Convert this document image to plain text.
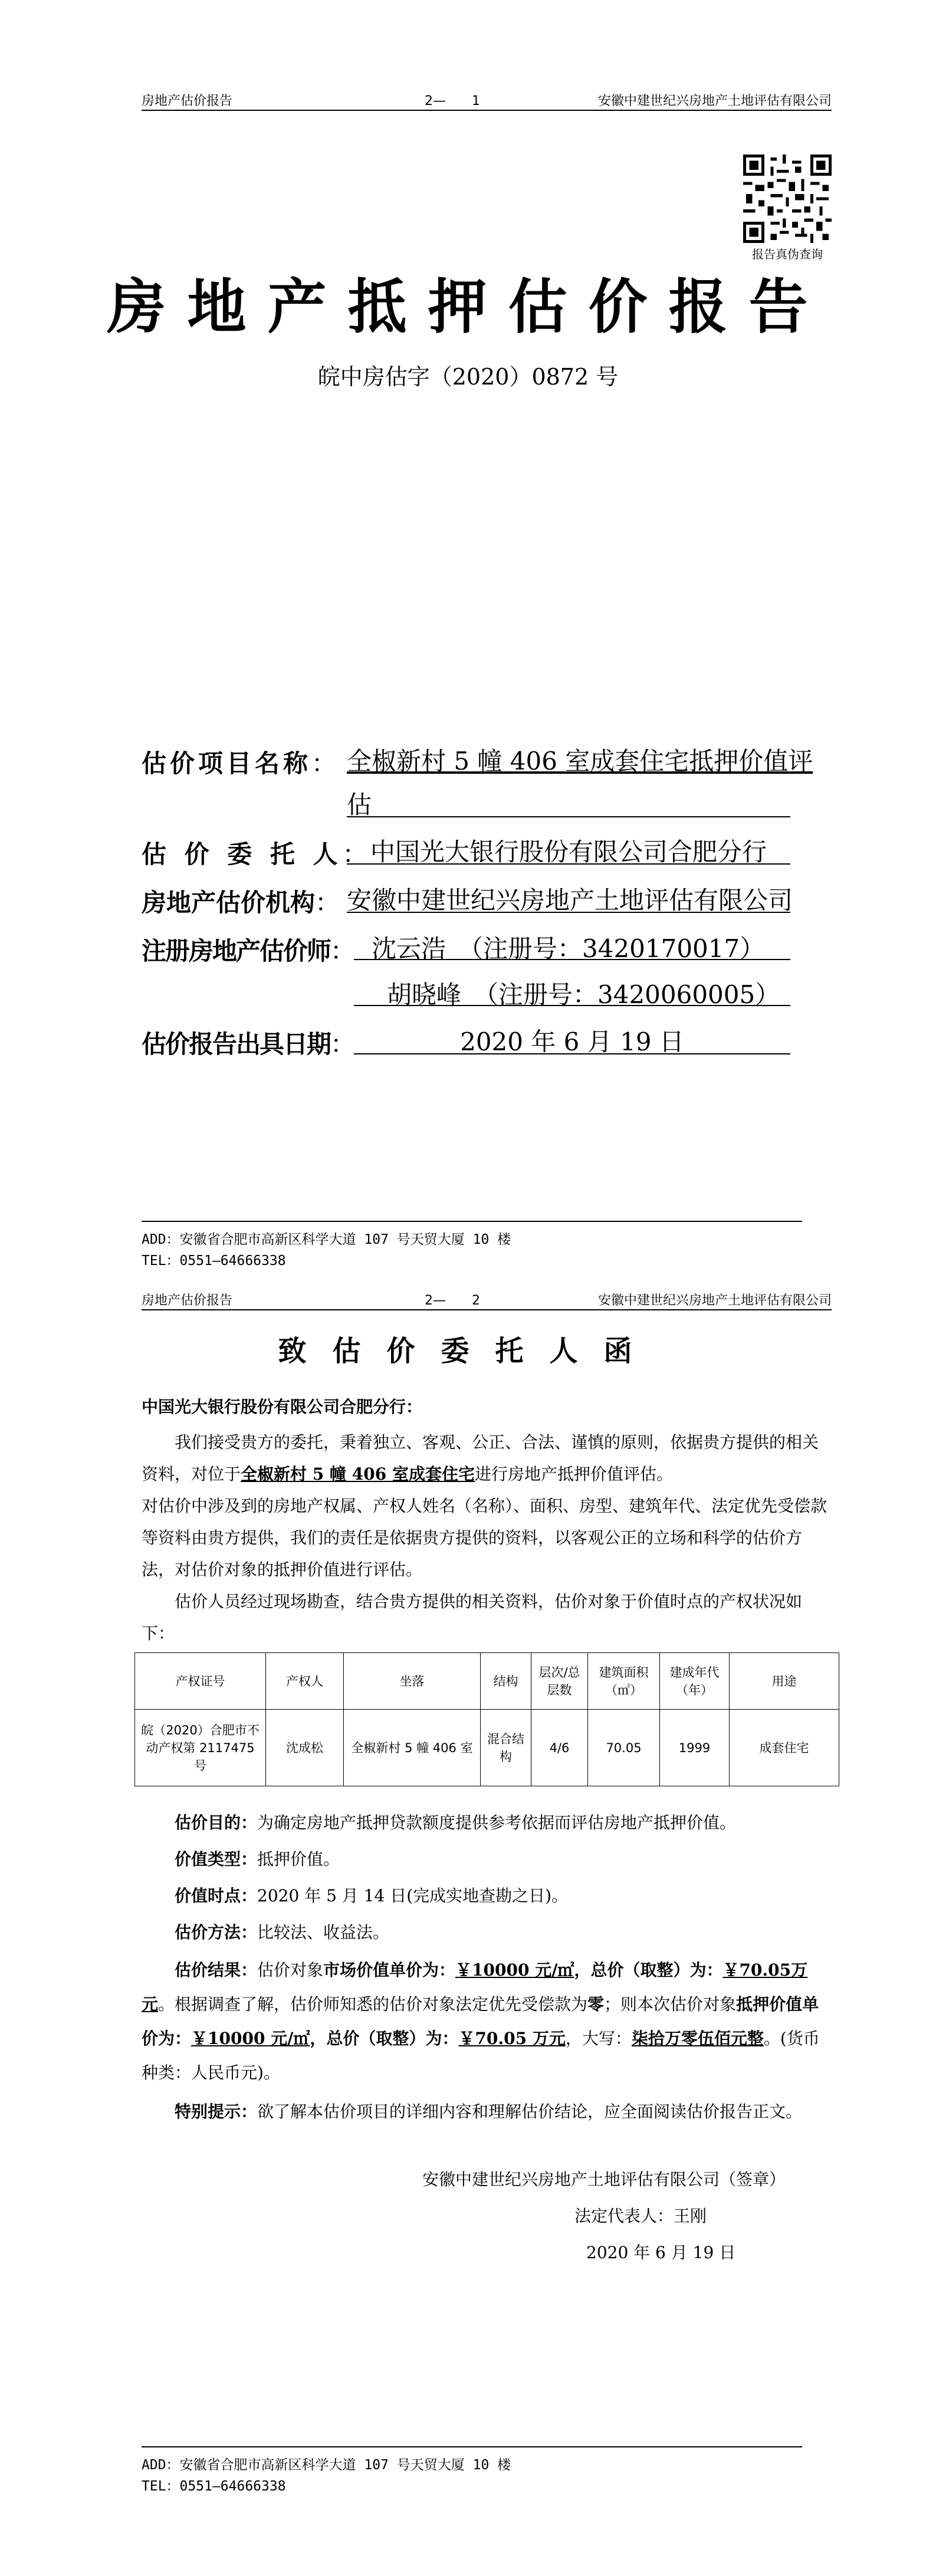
房地产估价报告	2—　　1	安徽中建世纪兴房地产土地评估有限公司
报告真伪查询
房地产抵押估价报告
皖中房估字（2020）0872 号
估价项目名称： 全椒新村 5 幢 406 室成套住宅抵押价值评
估
估 价 委 托 人： 中国光大银行股份有限公司合肥分行
房地产估价机构： 安徽中建世纪兴房地产土地评估有限公司
注册房地产估价师： 沈云浩　（注册号：3420170017）
胡晓峰　（注册号：3420060005）
估价报告出具日期：	2020 年 6 月 19 日
ADD：安徽省合肥市高新区科学大道 107 号天贸大厦 10 楼
TEL：0551—64666338
房地产估价报告	2—　　2	安徽中建世纪兴房地产土地评估有限公司
致估价委托人函
中国光大银行股份有限公司合肥分行：
我们接受贵方的委托，秉着独立、客观、公正、合法、谨慎的原则，依据贵方提供的相关资料，对位于全椒新村 5 幢 406 室成套住宅进行房地产抵押价值评估。
对估价中涉及到的房地产权属、产权人姓名（名称）、面积、房型、建筑年代、法定优先受偿款等资料由贵方提供，我们的责任是依据贵方提供的资料，以客观公正的立场和科学的估价方法，对估价对象的抵押价值进行评估。
估价人员经过现场勘查，结合贵方提供的相关资料，估价对象于价值时点的产权状况如下：
产权证号	产权人	坐落	结构	层次/总层数	建筑面积（㎡）	建成年代（年）	用途
皖（2020）合肥市不动产权第 2117475 号	沈成松	全椒新村 5 幢 406 室	混合结构	4/6	70.05	1999	成套住宅
估价目的：为确定房地产抵押贷款额度提供参考依据而评估房地产抵押价值。
价值类型：抵押价值。
价值时点：2020 年 5 月 14 日(完成实地查勘之日)。
估价方法：比较法、收益法。
估价结果：估价对象市场价值单价为：￥10000 元/㎡，总价（取整）为：￥70.05万元。根据调查了解，估价师知悉的估价对象法定优先受偿款为零；则本次估价对象抵押价值单价为：￥10000 元/㎡，总价（取整）为：￥70.05 万元，大写：柒拾万零伍佰元整。(货币种类：人民币元)。
特别提示：欲了解本估价项目的详细内容和理解估价结论，应全面阅读估价报告正文。
安徽中建世纪兴房地产土地评估有限公司（签章）
法定代表人：王刚
2020 年 6 月 19 日
ADD：安徽省合肥市高新区科学大道 107 号天贸大厦 10 楼
TEL：0551—64666338
